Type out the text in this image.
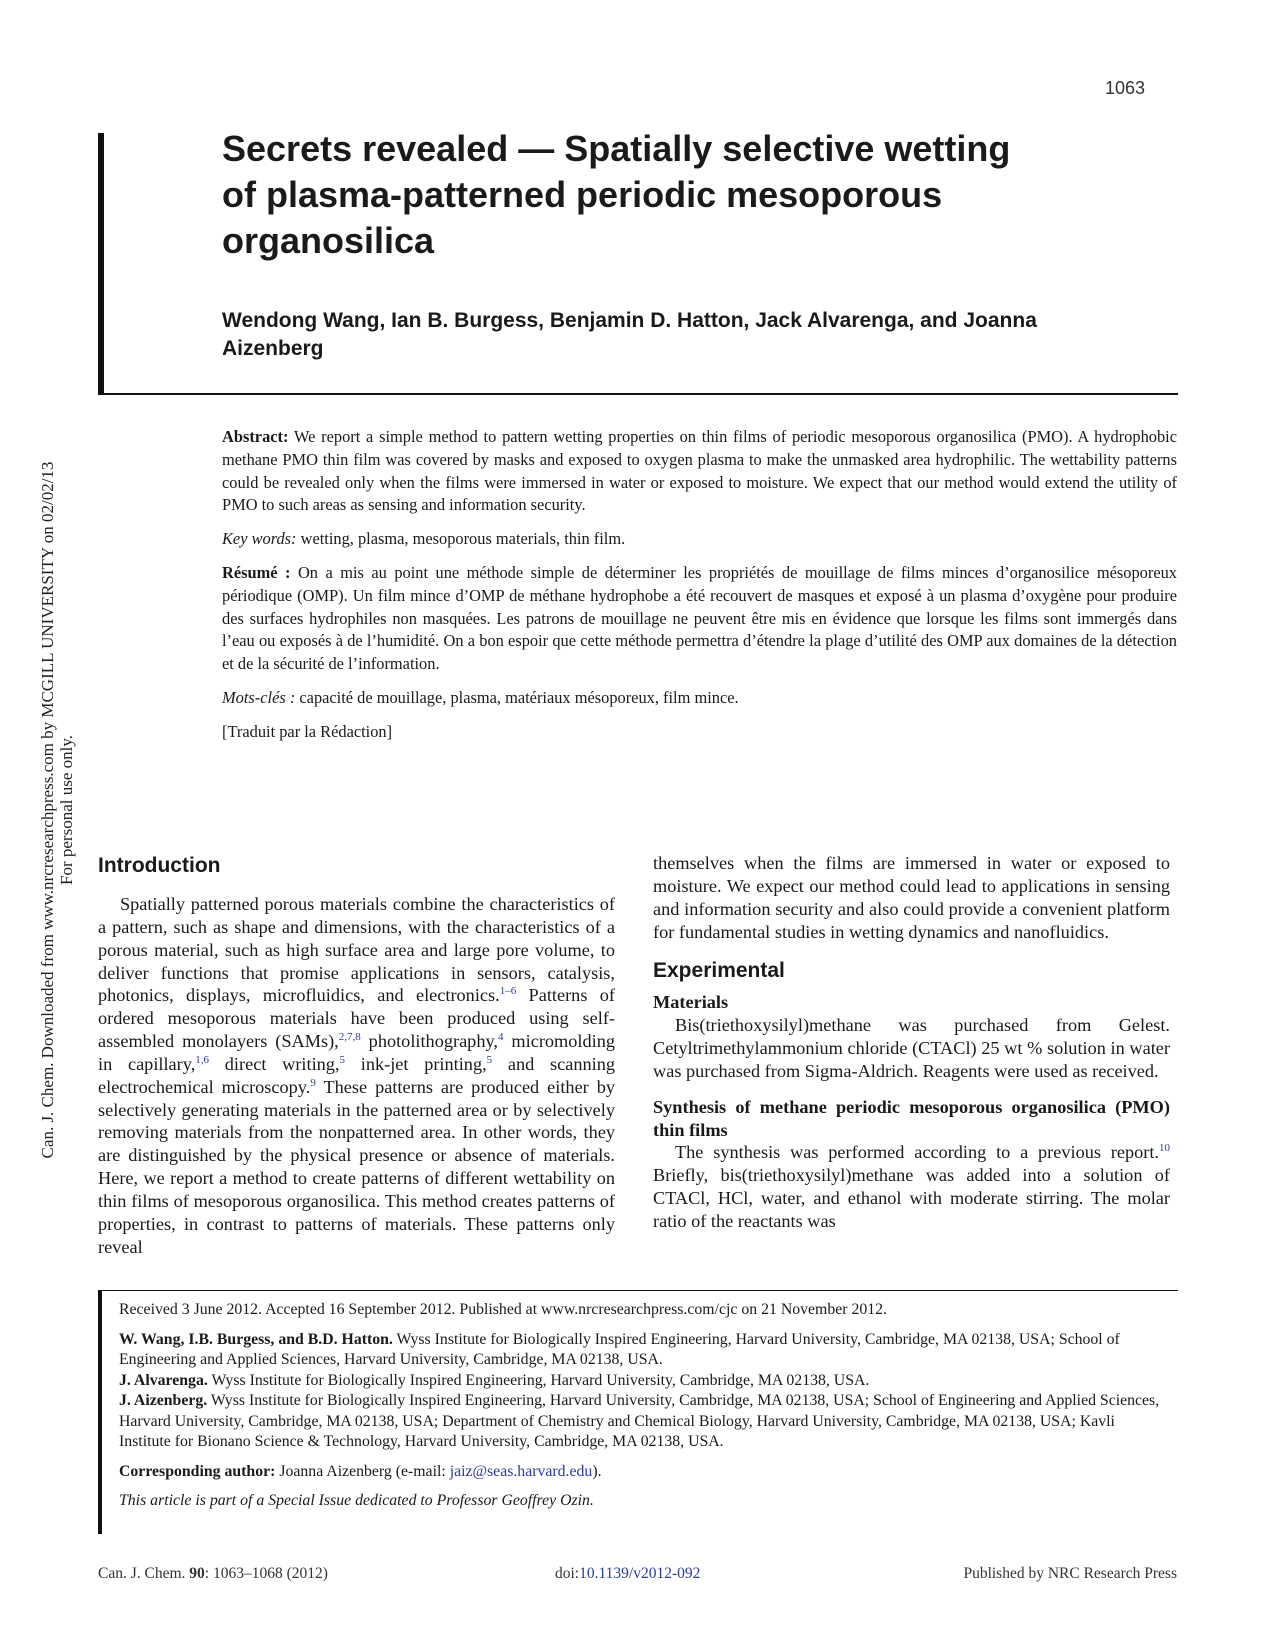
1063
Can. J. Chem. Downloaded from www.nrcresearchpress.com by MCGILL UNIVERSITY on 02/02/13 For personal use only.
Secrets revealed — Spatially selective wetting of plasma-patterned periodic mesoporous organosilica

Wendong Wang, Ian B. Burgess, Benjamin D. Hatton, Jack Alvarenga, and Joanna Aizenberg

Abstract: We report a simple method to pattern wetting properties on thin films of periodic mesoporous organosilica (PMO). A hydrophobic methane PMO thin film was covered by masks and exposed to oxygen plasma to make the unmasked area hydrophilic. The wettability patterns could be revealed only when the films were immersed in water or exposed to moisture. We expect that our method would extend the utility of PMO to such areas as sensing and information security.

Key words: wetting, plasma, mesoporous materials, thin film.

Résumé : On a mis au point une méthode simple de déterminer les propriétés de mouillage de films minces d’organosilice mésoporeux périodique (OMP). Un film mince d’OMP de méthane hydrophobe a été recouvert de masques et exposé à un plasma d’oxygène pour produire des surfaces hydrophiles non masquées. Les patrons de mouillage ne peuvent être mis en évidence que lorsque les films sont immergés dans l’eau ou exposés à de l’humidité. On a bon espoir que cette méthode permettra d’étendre la plage d’utilité des OMP aux domaines de la détection et de la sécurité de l’information.

Mots-clés : capacité de mouillage, plasma, matériaux mésoporeux, film mince.

[Traduit par la Rédaction]

Introduction

Spatially patterned porous materials combine the characteristics of a pattern, such as shape and dimensions, with the characteristics of a porous material, such as high surface area and large pore volume, to deliver functions that promise applications in sensors, catalysis, photonics, displays, microfluidics, and electronics.$^{1-6}$ Patterns of ordered mesoporous materials have been produced using self-assembled monolayers (SAMs),$^{2,7,8}$ photolithography,$^4$ micromolding in capillary,$^{1,6}$ direct writing,$^5$ ink-jet printing,$^5$ and scanning electrochemical microscopy.$^9$ These patterns are produced either by selectively generating materials in the patterned area or by selectively removing materials from the nonpatterned area. In other words, they are distinguished by the physical presence or absence of materials. Here, we report a method to create patterns of different wettability on thin films of mesoporous organosilica. This method creates patterns of properties, in contrast to patterns of materials. These patterns only reveal

themselves when the films are immersed in water or exposed to moisture. We expect our method could lead to applications in sensing and information security and also could provide a convenient platform for fundamental studies in wetting dynamics and nanofluidics.

Experimental
Materials

Bis(triethoxysilyl)methane was purchased from Gelest. Cetyltrimethylammonium chloride (CTACl) 25 wt % solution in water was purchased from Sigma-Aldrich. Reagents were used as received.

Synthesis of methane periodic mesoporous organosilica (PMO) thin films

The synthesis was performed according to a previous report.$^{10}$ Briefly, bis(triethoxysilyl)methane was added into a solution of CTACl, HCl, water, and ethanol with moderate stirring. The molar ratio of the reactants was

Received 3 June 2012. Accepted 16 September 2012. Published at www.nrcresearchpress.com/cjc on 21 November 2012.

W. Wang, I.B. Burgess, and B.D. Hatton. Wyss Institute for Biologically Inspired Engineering, Harvard University, Cambridge, MA 02138, USA; School of Engineering and Applied Sciences, Harvard University, Cambridge, MA 02138, USA.

J. Alvarenga. Wyss Institute for Biologically Inspired Engineering, Harvard University, Cambridge, MA 02138, USA.

J. Aizenberg. Wyss Institute for Biologically Inspired Engineering, Harvard University, Cambridge, MA 02138, USA; School of Engineering and Applied Sciences, Harvard University, Cambridge, MA 02138, USA; Department of Chemistry and Chemical Biology, Harvard University, Cambridge, MA 02138, USA; Kavli Institute for Bionano Science & Technology, Harvard University, Cambridge, MA 02138, USA.

Corresponding author: Joanna Aizenberg (e-mail: jaiz@seas.harvard.edu).

This article is part of a Special Issue dedicated to Professor Geoffrey Ozin.

Can. J. Chem. 90: 1063–1068 (2012)	doi:10.1139/v2012-092	Published by NRC Research Press
